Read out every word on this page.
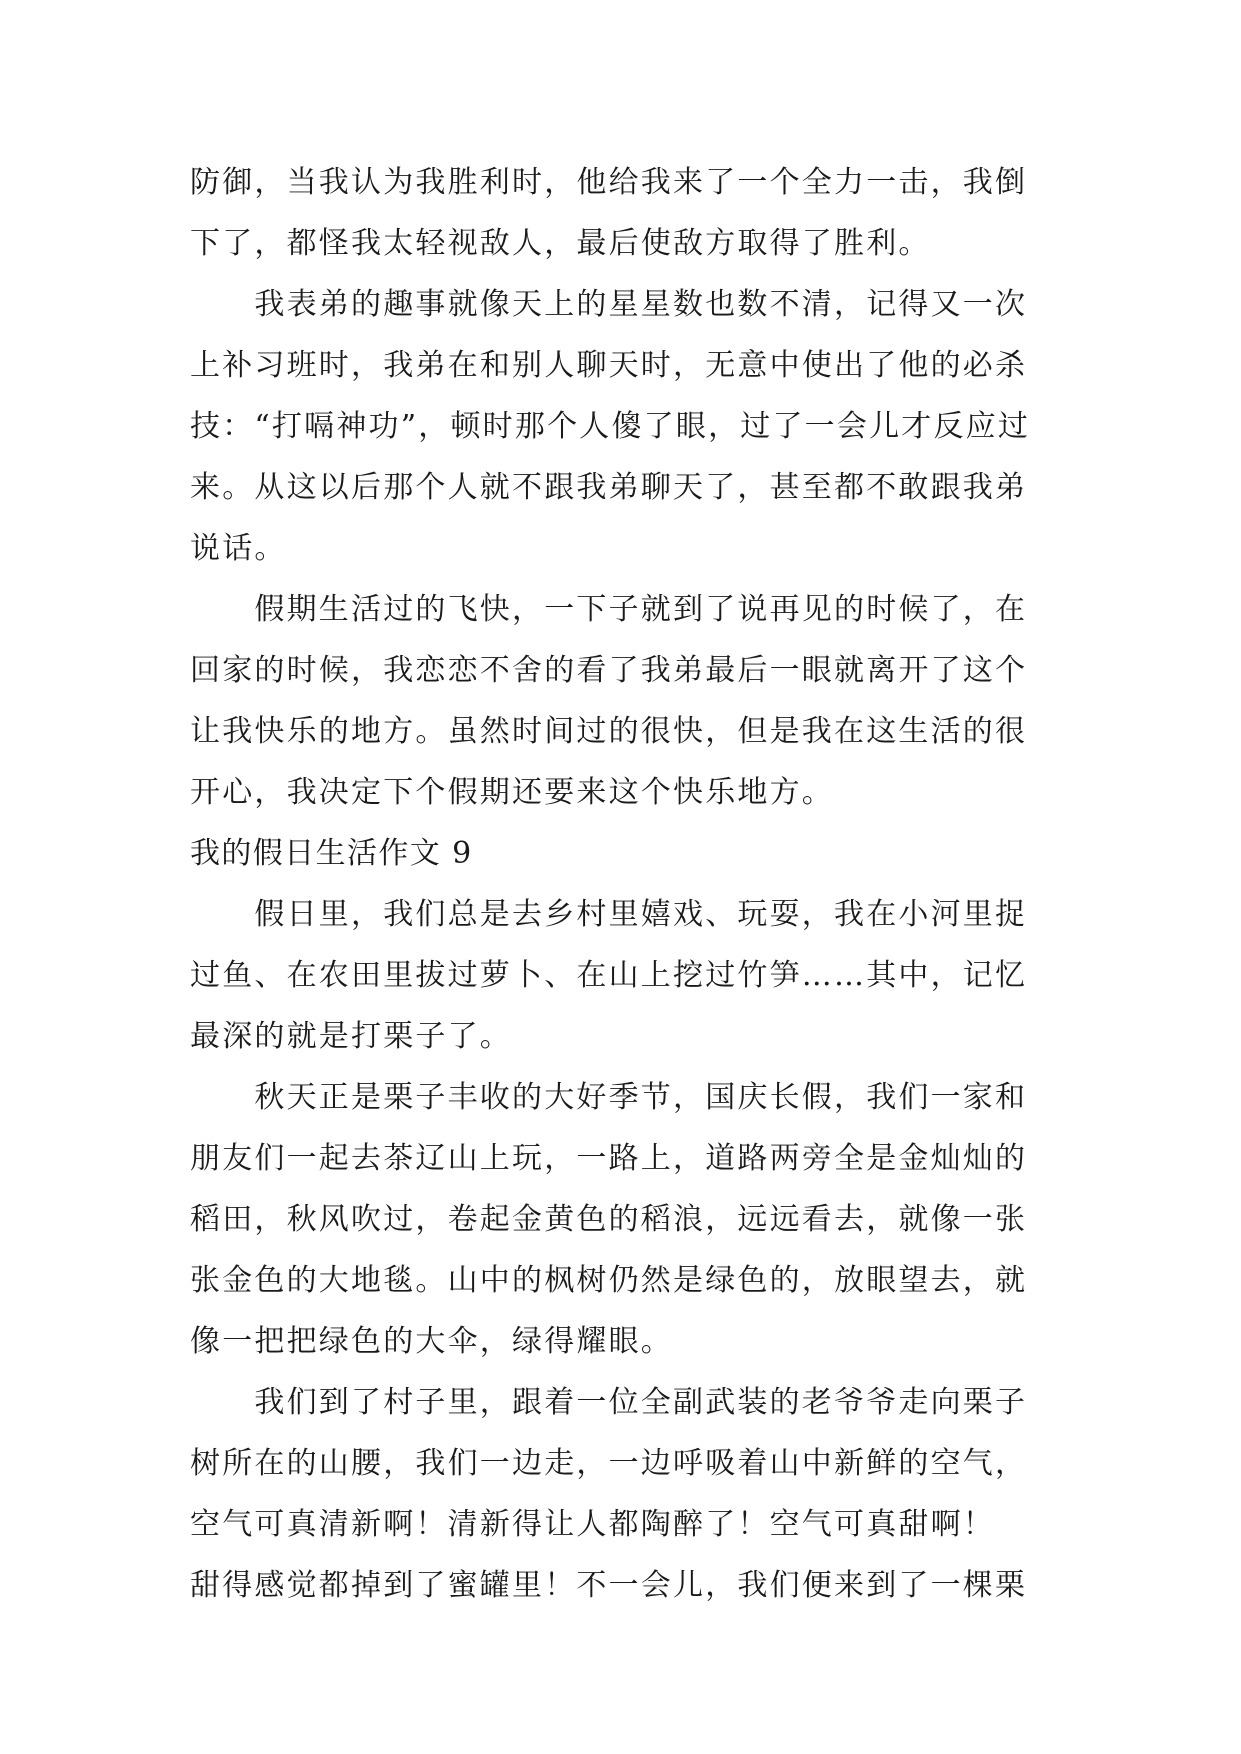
防御，当我认为我胜利时，他给我来了一个全力一击，我倒

下了，都怪我太轻视敌人，最后使敌方取得了胜利。

　　我表弟的趣事就像天上的星星数也数不清，记得又一次

上补习班时，我弟在和别人聊天时，无意中使出了他的必杀

技：“打嗝神功”，顿时那个人傻了眼，过了一会儿才反应过

来。从这以后那个人就不跟我弟聊天了，甚至都不敢跟我弟

说话。

　　假期生活过的飞快，一下子就到了说再见的时候了，在

回家的时候，我恋恋不舍的看了我弟最后一眼就离开了这个

让我快乐的地方。虽然时间过的很快，但是我在这生活的很

开心，我决定下个假期还要来这个快乐地方。

我的假日生活作文 9

　　假日里，我们总是去乡村里嬉戏、玩耍，我在小河里捉

过鱼、在农田里拔过萝卜、在山上挖过竹笋……其中，记忆

最深的就是打栗子了。

　　秋天正是栗子丰收的大好季节，国庆长假，我们一家和

朋友们一起去茶辽山上玩，一路上，道路两旁全是金灿灿的

稻田，秋风吹过，卷起金黄色的稻浪，远远看去，就像一张

张金色的大地毯。山中的枫树仍然是绿色的，放眼望去，就

像一把把绿色的大伞，绿得耀眼。

　　我们到了村子里，跟着一位全副武装的老爷爷走向栗子

树所在的山腰，我们一边走，一边呼吸着山中新鲜的空气，

空气可真清新啊！清新得让人都陶醉了！空气可真甜啊！

甜得感觉都掉到了蜜罐里！不一会儿，我们便来到了一棵栗
